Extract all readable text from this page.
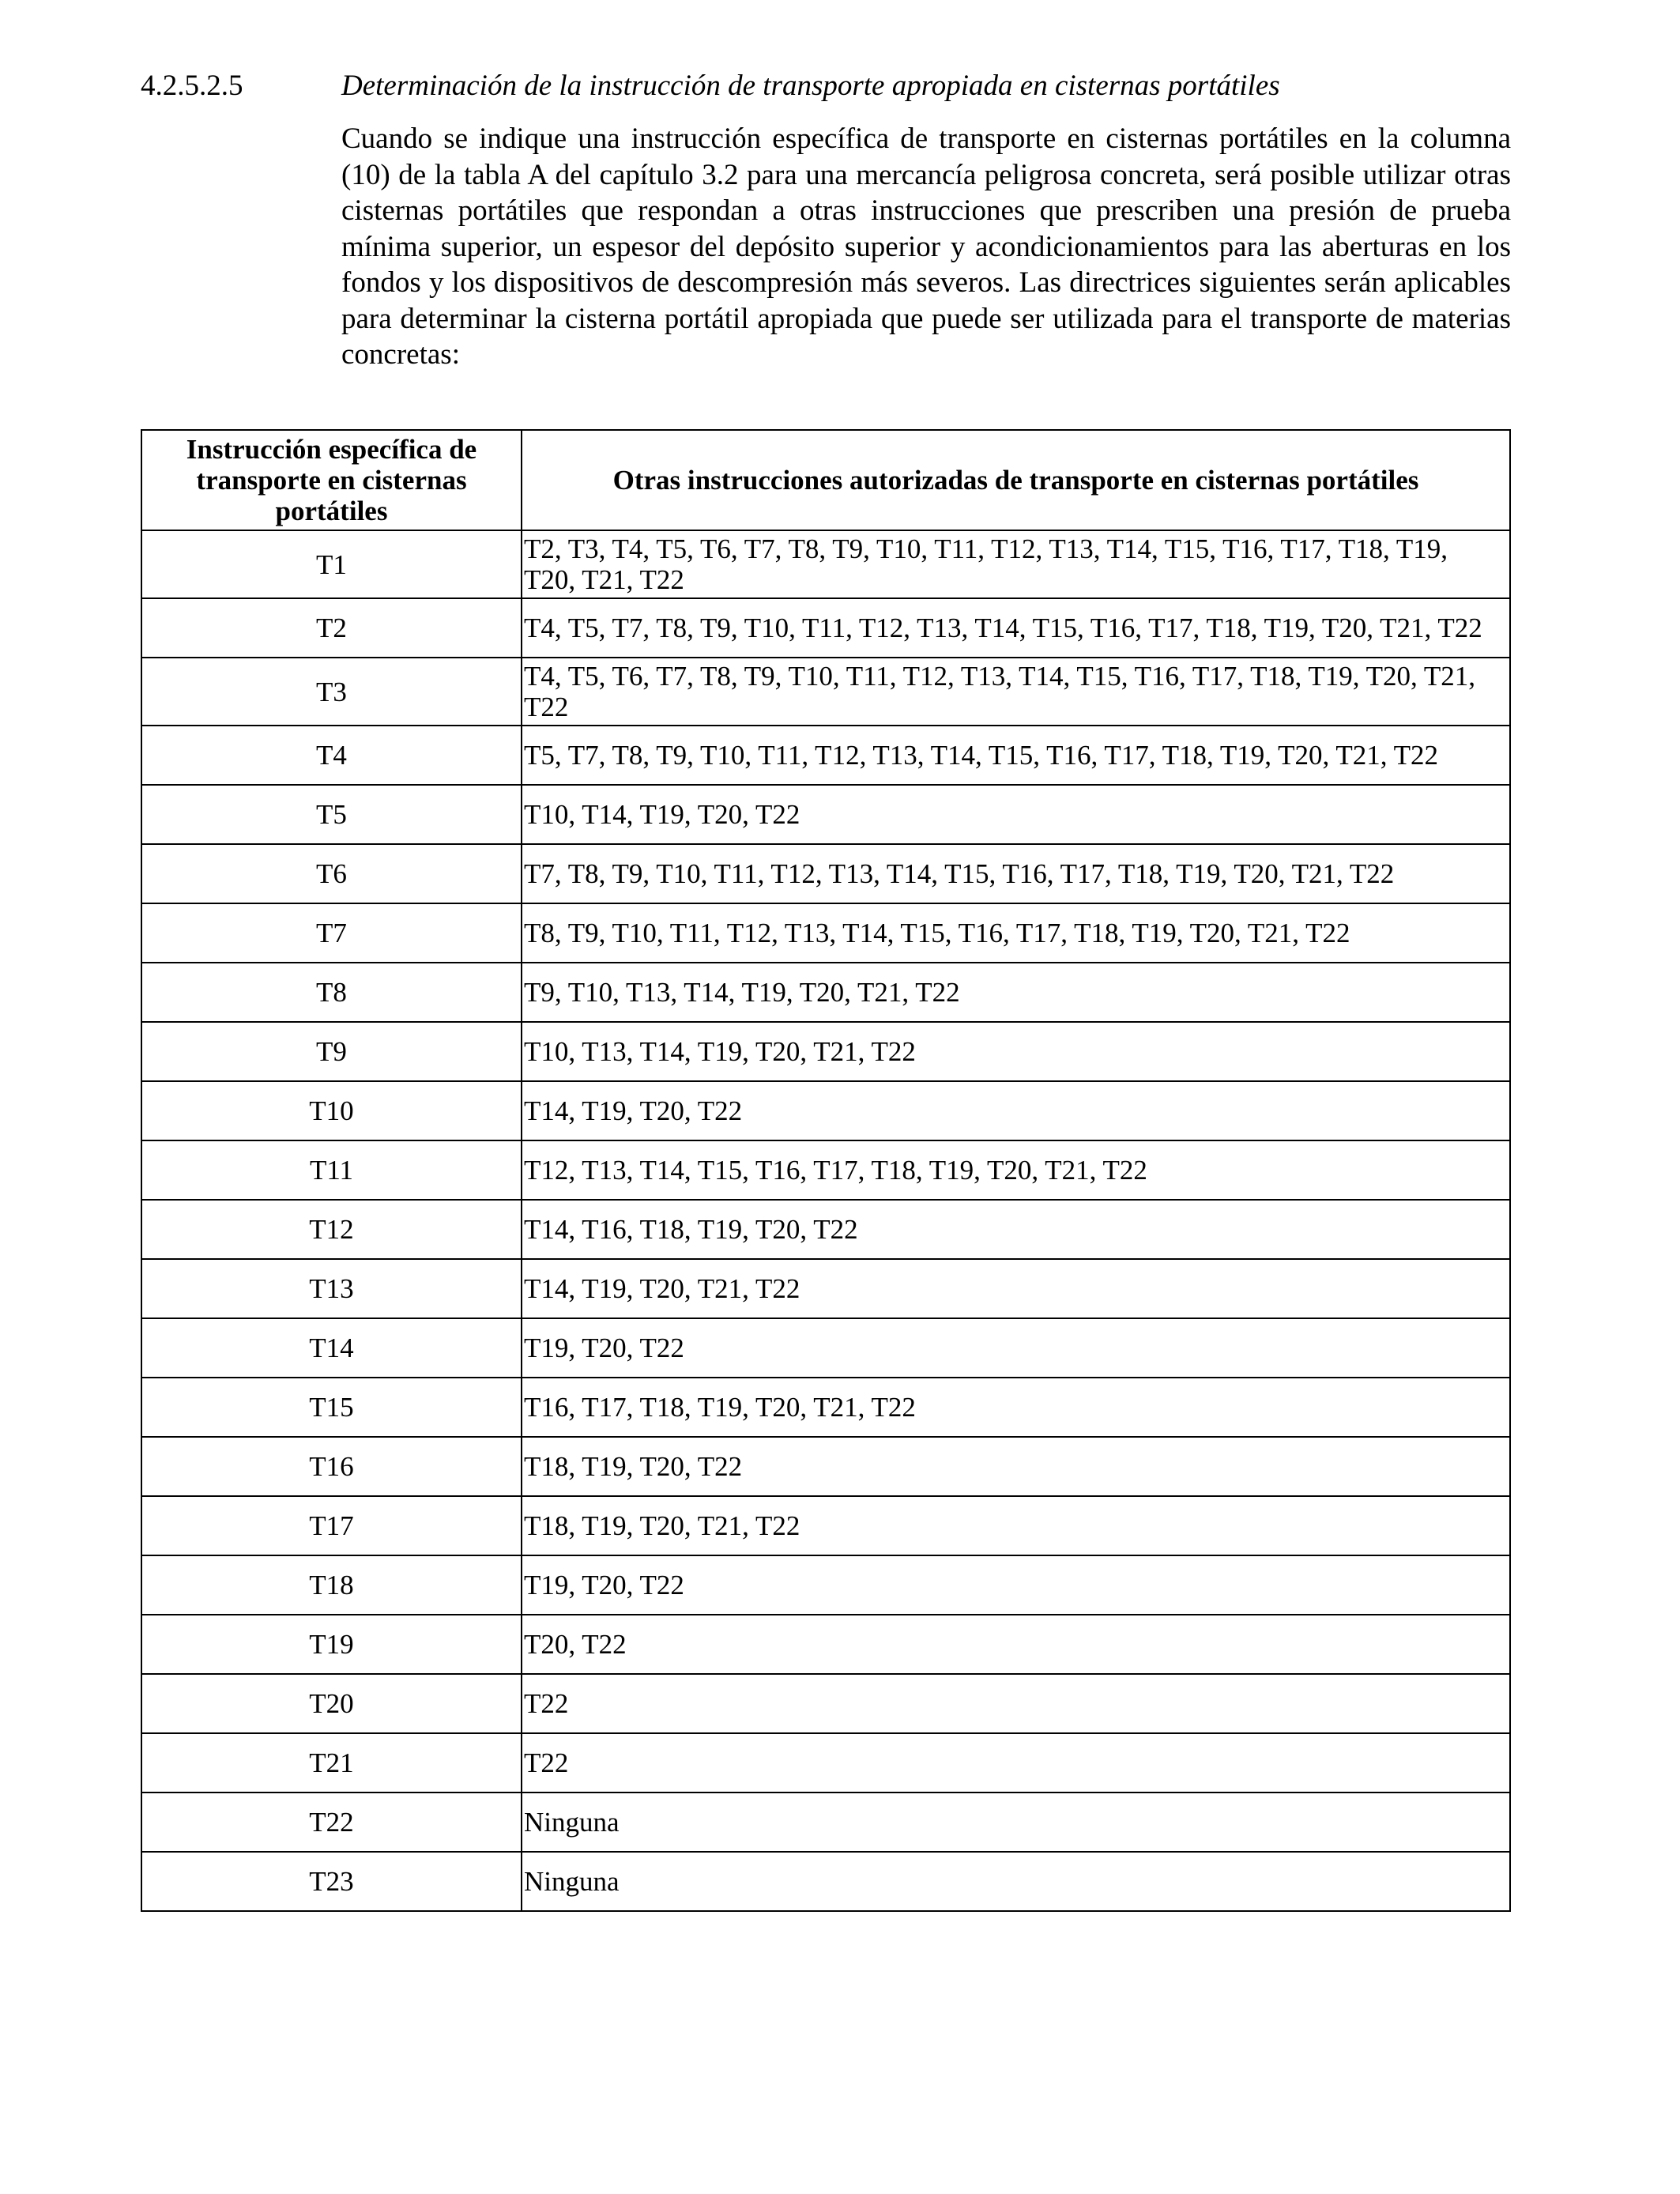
4.2.5.2.5	Determinación de la instrucción de transporte apropiada en cisternas portátiles
Cuando se indique una instrucción específica de transporte en cisternas portátiles en la columna (10) de la tabla A del capítulo 3.2 para una mercancía peligrosa concreta, será posible utilizar otras cisternas portátiles que respondan a otras instrucciones que prescriben una presión de prueba mínima superior, un espesor del depósito superior y acondicionamientos para las aberturas en los fondos y los dispositivos de descompresión más severos. Las directrices siguientes serán aplicables para determinar la cisterna portátil apropiada que puede ser utilizada para el transporte de materias concretas:
Instrucción específica de transporte en cisternas portátiles	Otras instrucciones autorizadas de transporte en cisternas portátiles
T1	T2, T3, T4, T5, T6, T7, T8, T9, T10, T11, T12, T13, T14, T15, T16, T17, T18, T19, T20, T21, T22
T2	T4, T5, T7, T8, T9, T10, T11, T12, T13, T14, T15, T16, T17, T18, T19, T20, T21, T22
T3	T4, T5, T6, T7, T8, T9, T10, T11, T12, T13, T14, T15, T16, T17, T18, T19, T20, T21, T22
T4	T5, T7, T8, T9, T10, T11, T12, T13, T14, T15, T16, T17, T18, T19, T20, T21, T22
T5	T10, T14, T19, T20, T22
T6	T7, T8, T9, T10, T11, T12, T13, T14, T15, T16, T17, T18, T19, T20, T21, T22
T7	T8, T9, T10, T11, T12, T13, T14, T15, T16, T17, T18, T19, T20, T21, T22
T8	T9, T10, T13, T14, T19, T20, T21, T22
T9	T10, T13, T14, T19, T20, T21, T22
T10	T14, T19, T20, T22
T11	T12, T13, T14, T15, T16, T17, T18, T19, T20, T21, T22
T12	T14, T16, T18, T19, T20, T22
T13	T14, T19, T20, T21, T22
T14	T19, T20, T22
T15	T16, T17, T18, T19, T20, T21, T22
T16	T18, T19, T20, T22
T17	T18, T19, T20, T21, T22
T18	T19, T20, T22
T19	T20, T22
T20	T22
T21	T22
T22	Ninguna
T23	Ninguna
